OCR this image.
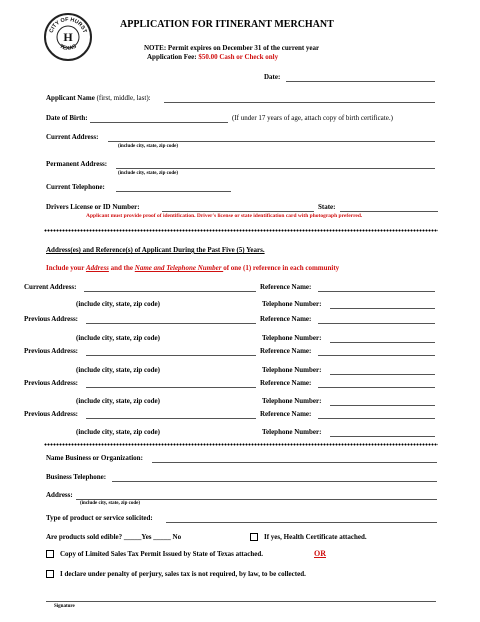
CITY OF HURST
TEXAS
H
APPLICATION FOR ITINERANT MERCHANT
NOTE: Permit expires on December 31 of the current year
Application Fee: $50.00 Cash or Check only
Date:
Applicant Name (first, middle, last):
Date of Birth:	(If under 17 years of age, attach copy of birth certificate.)
Current Address:
(include city, state, zip code)
Permanent Address:
(include city, state, zip code)
Current Telephone:
Drivers License or ID Number:	State:
Applicant must provide proof of identification. Driver's license or state identification card with photograph preferred.
Address(es) and Reference(s) of Applicant During the Past Five (5) Years.
Include your Address and the Name and Telephone Number of one (1) reference in each community
Current Address:	Reference Name:
(include city, state, zip code)	Telephone Number:
Previous Address:	Reference Name:
(include city, state, zip code)	Telephone Number:
Previous Address:	Reference Name:
(include city, state, zip code)	Telephone Number:
Previous Address:	Reference Name:
(include city, state, zip code)	Telephone Number:
Previous Address:	Reference Name:
(include city, state, zip code)	Telephone Number:
Name Business or Organization:
Business Telephone:
Address:
(include city, state, zip code)
Type of product or service solicited:
Are products sold edible? _____Yes _____ No	If yes, Health Certificate attached.
Copy of Limited Sales Tax Permit Issued by State of Texas attached.	OR
I declare under penalty of perjury, sales tax is not required, by law, to be collected.
Signature
